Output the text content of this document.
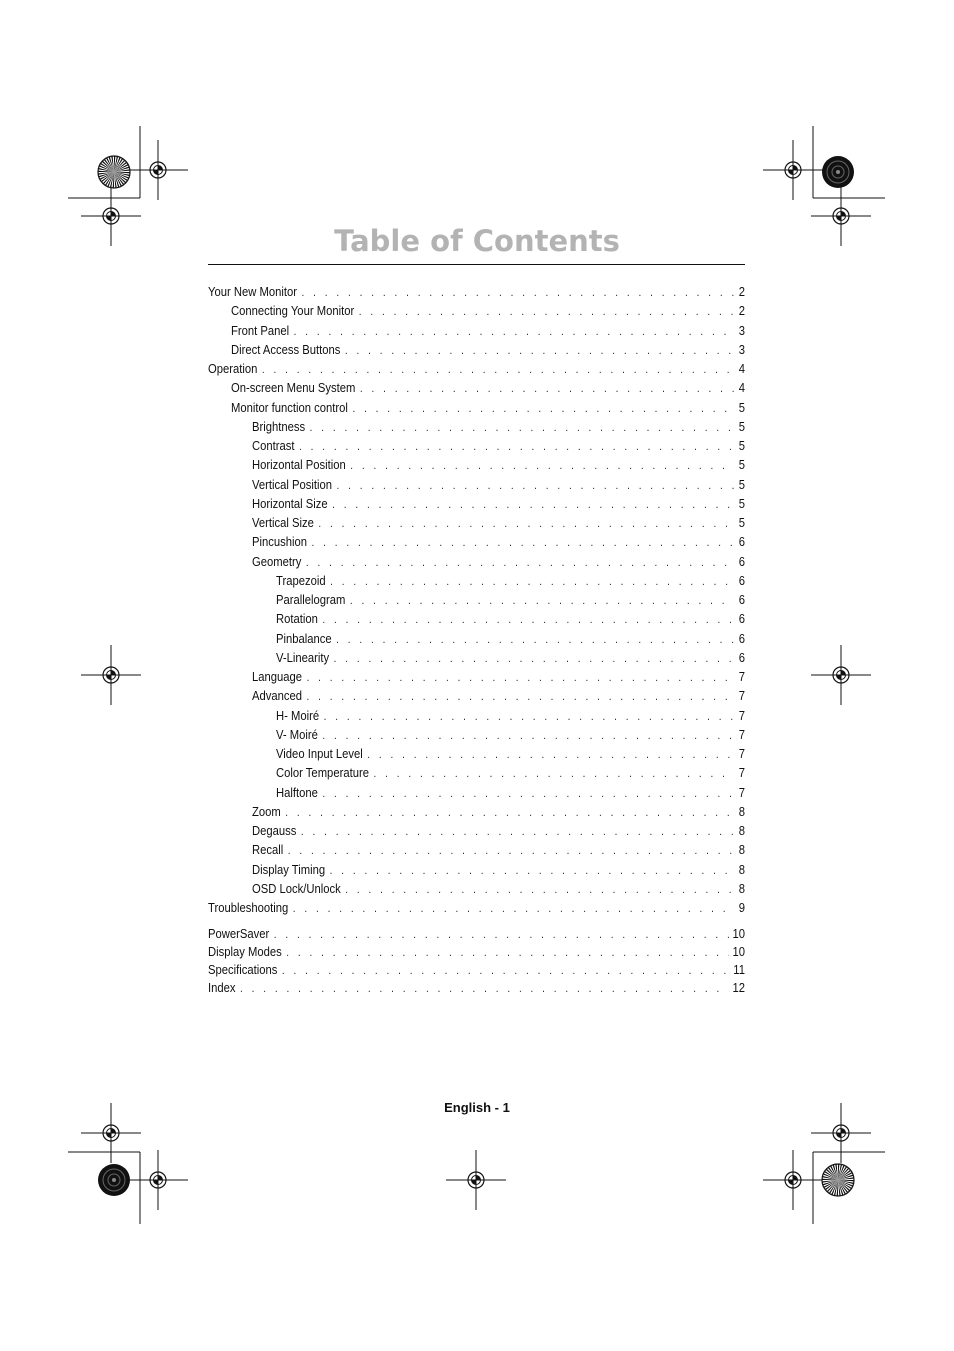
Table of Contents
Your New Monitor . . .	2
Connecting Your Monitor . . .	2
Front Panel . . .	3
Direct Access Buttons . . .	3
Operation . . .	4
On-screen Menu System . . .	4
Monitor function control . . .	5
Brightness . . .	5
Contrast . . .	5
Horizontal Position . . .	5
Vertical Position . . .	5
Horizontal Size . . .	5
Vertical Size . . .	5
Pincushion . . .	6
Geometry . . .	6
Trapezoid . . .	6
Parallelogram . . .	6
Rotation . . .	6
Pinbalance . . .	6
V-Linearity . . .	6
Language . . .	7
Advanced . . .	7
H- Moiré . . .	7
V- Moiré . . .	7
Video Input Level . . .	7
Color Temperature . . .	7
Halftone . . .	7
Zoom . . .	8
Degauss . . .	8
Recall . . .	8
Display Timing . . .	8
OSD Lock/Unlock . . .	8
Troubleshooting . . .	9
PowerSaver . . .	10
Display Modes . . .	10
Specifications . . .	11
Index . . .	12
English - 1
